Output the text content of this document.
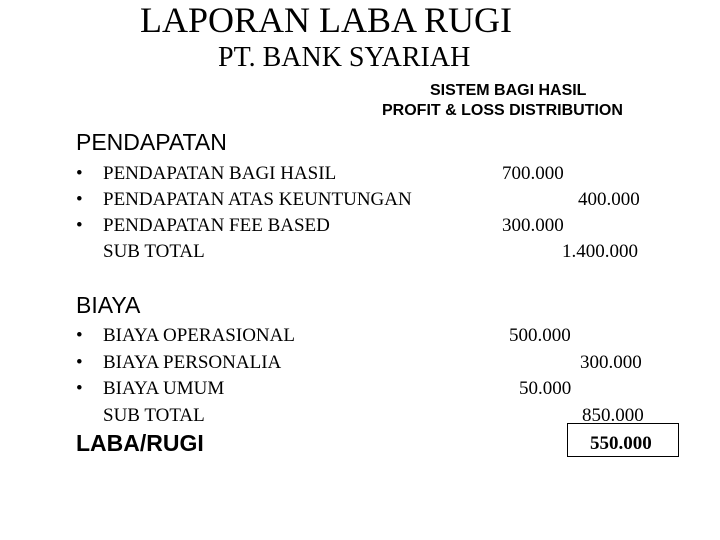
LAPORAN LABA RUGI
PT. BANK SYARIAH
SISTEM BAGI HASIL
PROFIT & LOSS DISTRIBUTION
PENDAPATAN
• PENDAPATAN BAGI HASIL	700.000
• PENDAPATAN ATAS KEUNTUNGAN	400.000
• PENDAPATAN FEE BASED	300.000
SUB TOTAL	1.400.000
BIAYA
• BIAYA OPERASIONAL	500.000
• BIAYA PERSONALIA	300.000
• BIAYA UMUM	50.000
SUB TOTAL	850.000
LABA/RUGI	550.000
